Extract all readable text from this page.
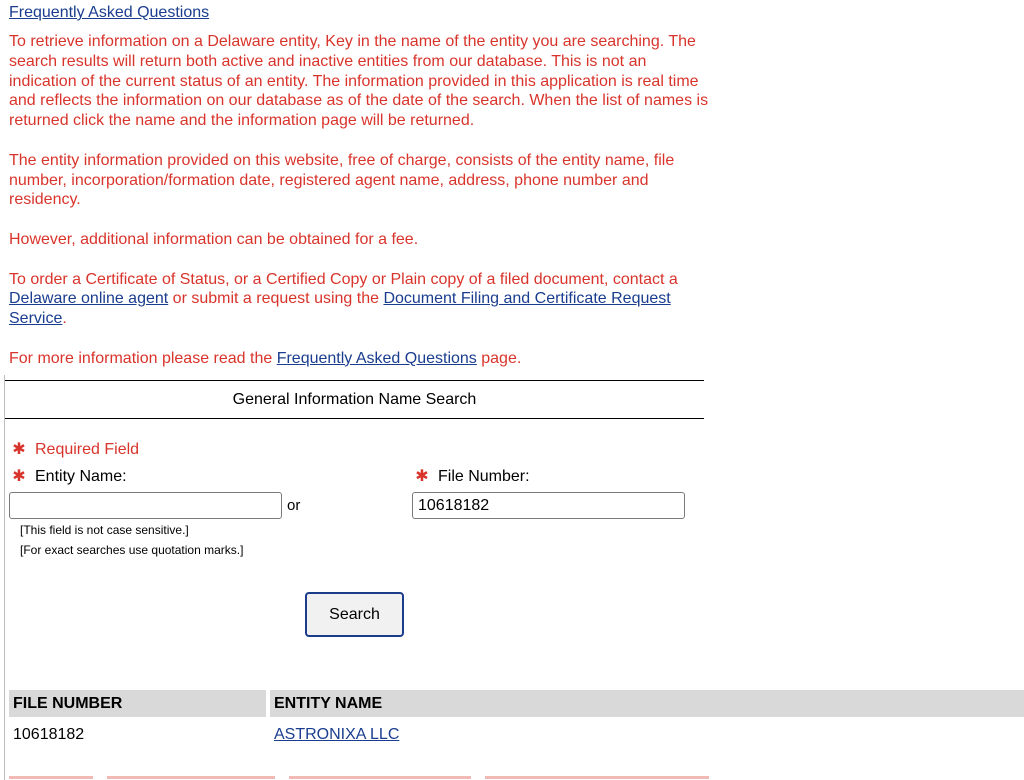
Frequently Asked Questions

To retrieve information on a Delaware entity, Key in the name of the entity you are searching. The search results will return both active and inactive entities from our database. This is not an indication of the current status of an entity. The information provided in this application is real time and reflects the information on our database as of the date of the search. When the list of names is returned click the name and the information page will be returned.

The entity information provided on this website, free of charge, consists of the entity name, file number, incorporation/formation date, registered agent name, address, phone number and residency.

However, additional information can be obtained for a fee.

To order a Certificate of Status, or a Certified Copy or Plain copy of a filed document, contact a Delaware online agent or submit a request using the Document Filing and Certificate Request Service.

For more information please read the Frequently Asked Questions page.

General Information Name Search
✱ Required Field
✱ Entity Name:	✱ File Number:
or
10618182
[This field is not case sensitive.]
[For exact searches use quotation marks.]
Search
FILE NUMBER	ENTITY NAME
10618182	ASTRONIXA LLC
